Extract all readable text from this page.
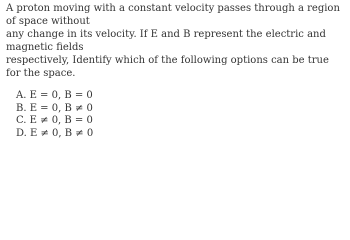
A proton moving with a constant velocity passes through a region of space without
any change in its velocity. If E and B represent the electric and magnetic fields
respectively, Identify which of the following options can be true for the space.

A. E = 0, B = 0
B. E = 0, B ≠ 0
C. E ≠ 0, B = 0
D. E ≠ 0, B ≠ 0
